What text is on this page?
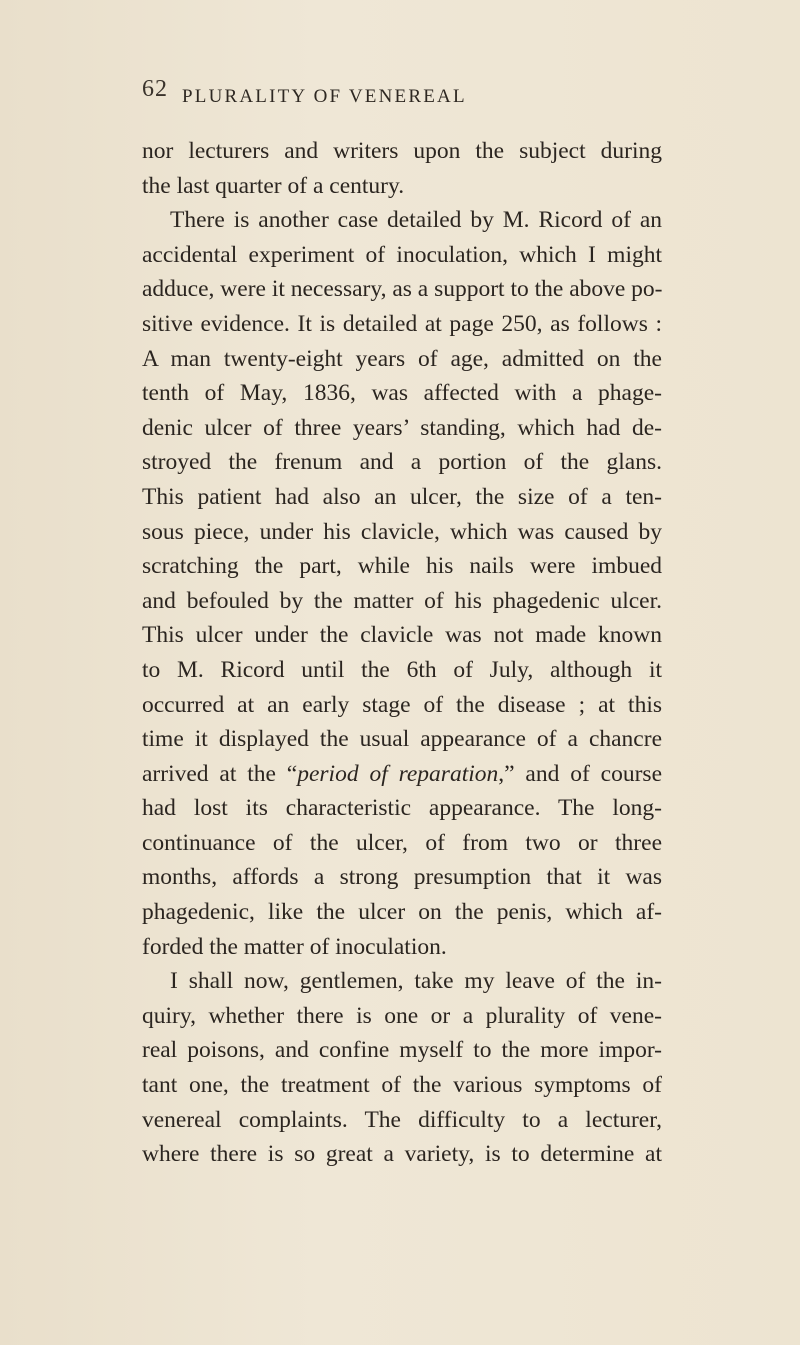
62 PLURALITY OF VENEREAL
nor lecturers and writers upon the subject during
the last quarter of a century.
There is another case detailed by M. Ricord of an
accidental experiment of inoculation, which I might
adduce, were it necessary, as a support to the above po-
sitive evidence. It is detailed at page 250, as follows :
A man twenty-eight years of age, admitted on the
tenth of May, 1836, was affected with a phage-
denic ulcer of three years’ standing, which had de-
stroyed the frenum and a portion of the glans.
This patient had also an ulcer, the size of a ten-
sous piece, under his clavicle, which was caused by
scratching the part, while his nails were imbued
and befouled by the matter of his phagedenic ulcer.
This ulcer under the clavicle was not made known
to M. Ricord until the 6th of July, although it
occurred at an early stage of the disease ; at this
time it displayed the usual appearance of a chancre
arrived at the “period of reparation,” and of course
had lost its characteristic appearance. The long-
continuance of the ulcer, of from two or three
months, affords a strong presumption that it was
phagedenic, like the ulcer on the penis, which af-
forded the matter of inoculation.
I shall now, gentlemen, take my leave of the in-
quiry, whether there is one or a plurality of vene-
real poisons, and confine myself to the more impor-
tant one, the treatment of the various symptoms of
venereal complaints. The difficulty to a lecturer,
where there is so great a variety, is to determine at
